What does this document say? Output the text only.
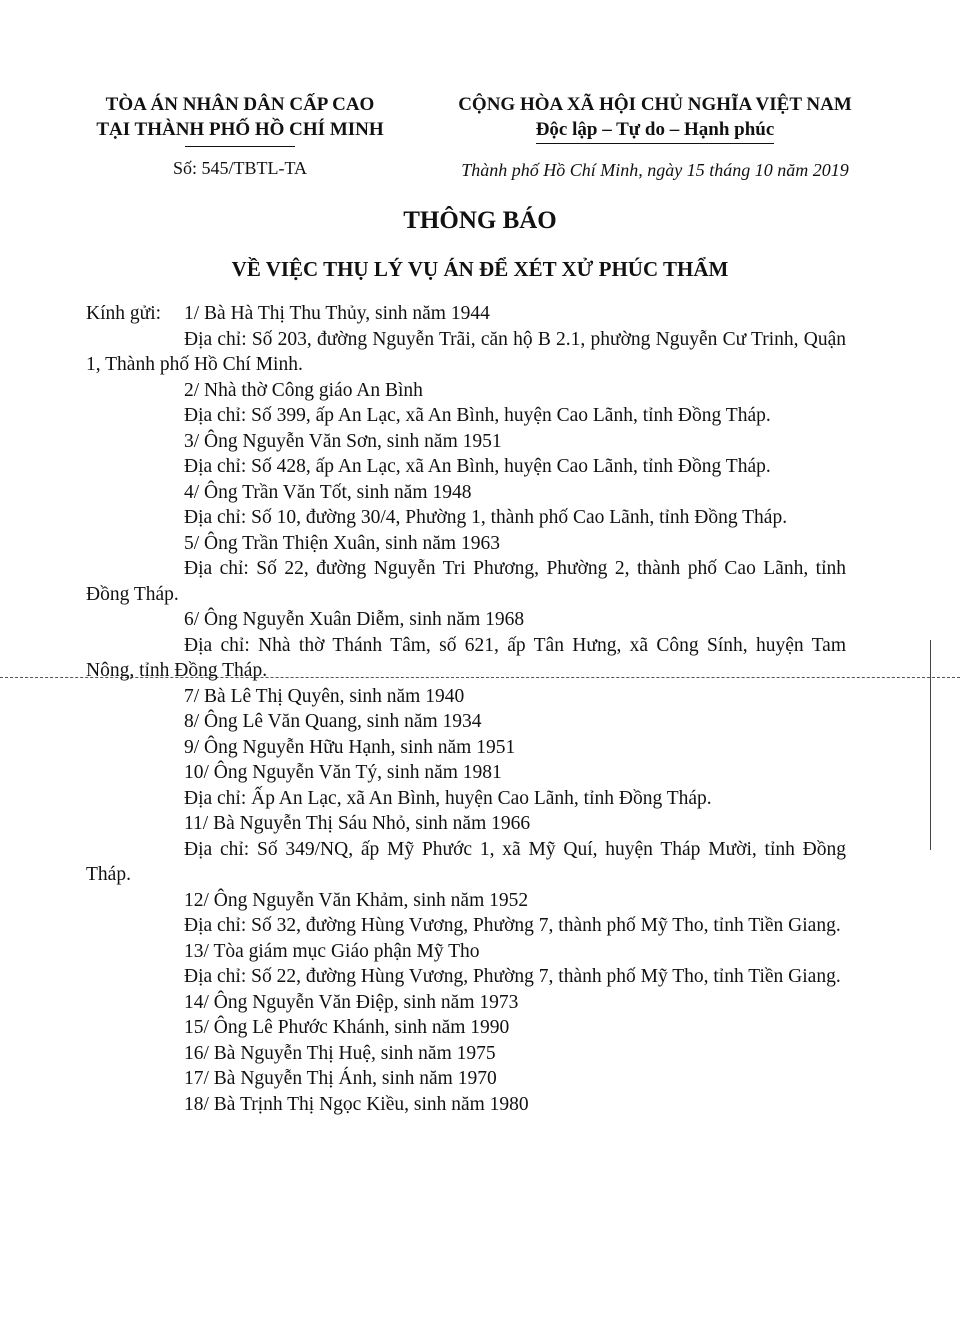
TÒA ÁN NHÂN DÂN CẤP CAO
TẠI THÀNH PHỐ HỒ CHÍ MINH
CỘNG HÒA XÃ HỘI CHỦ NGHĨA VIỆT NAM
Độc lập – Tự do – Hạnh phúc
Số: 545/TBTL-TA	Thành phố Hồ Chí Minh, ngày 15 tháng 10 năm 2019
THÔNG BÁO
VỀ VIỆC THỤ LÝ VỤ ÁN ĐỂ XÉT XỬ PHÚC THẨM

Kính gửi:	1/ Bà Hà Thị Thu Thủy, sinh năm 1944

Địa chỉ: Số 203, đường Nguyễn Trãi, căn hộ B 2.1, phường Nguyễn Cư Trinh, Quận 1, Thành phố Hồ Chí Minh.

2/ Nhà thờ Công giáo An Bình

Địa chỉ: Số 399, ấp An Lạc, xã An Bình, huyện Cao Lãnh, tỉnh Đồng Tháp.

3/ Ông Nguyễn Văn Sơn, sinh năm 1951

Địa chỉ: Số 428, ấp An Lạc, xã An Bình, huyện Cao Lãnh, tỉnh Đồng Tháp.

4/ Ông Trần Văn Tốt, sinh năm 1948

Địa chỉ: Số 10, đường 30/4, Phường 1, thành phố Cao Lãnh, tỉnh Đồng Tháp.

5/ Ông Trần Thiện Xuân, sinh năm 1963

Địa chỉ: Số 22, đường Nguyễn Tri Phương, Phường 2, thành phố Cao Lãnh, tỉnh Đồng Tháp.

6/ Ông Nguyễn Xuân Diễm, sinh năm 1968

Địa chỉ: Nhà thờ Thánh Tâm, số 621, ấp Tân Hưng, xã Công Sính, huyện Tam Nông, tỉnh Đồng Tháp.

7/ Bà Lê Thị Quyên, sinh năm 1940

8/ Ông Lê Văn Quang, sinh năm 1934

9/ Ông Nguyễn Hữu Hạnh, sinh năm 1951

10/ Ông Nguyễn Văn Tý, sinh năm 1981

Địa chỉ: Ấp An Lạc, xã An Bình, huyện Cao Lãnh, tỉnh Đồng Tháp.

11/ Bà Nguyễn Thị Sáu Nhỏ, sinh năm 1966

Địa chỉ: Số 349/NQ, ấp Mỹ Phước 1, xã Mỹ Quí, huyện Tháp Mười, tỉnh Đồng Tháp.

12/ Ông Nguyễn Văn Khảm, sinh năm 1952

Địa chỉ: Số 32, đường Hùng Vương, Phường 7, thành phố Mỹ Tho, tỉnh Tiền Giang.

13/ Tòa giám mục Giáo phận Mỹ Tho

Địa chỉ: Số 22, đường Hùng Vương, Phường 7, thành phố Mỹ Tho, tỉnh Tiền Giang.

14/ Ông Nguyễn Văn Điệp, sinh năm 1973

15/ Ông Lê Phước Khánh, sinh năm 1990

16/ Bà Nguyễn Thị Huệ, sinh năm 1975

17/ Bà Nguyễn Thị Ánh, sinh năm 1970

18/ Bà Trịnh Thị Ngọc Kiều, sinh năm 1980
